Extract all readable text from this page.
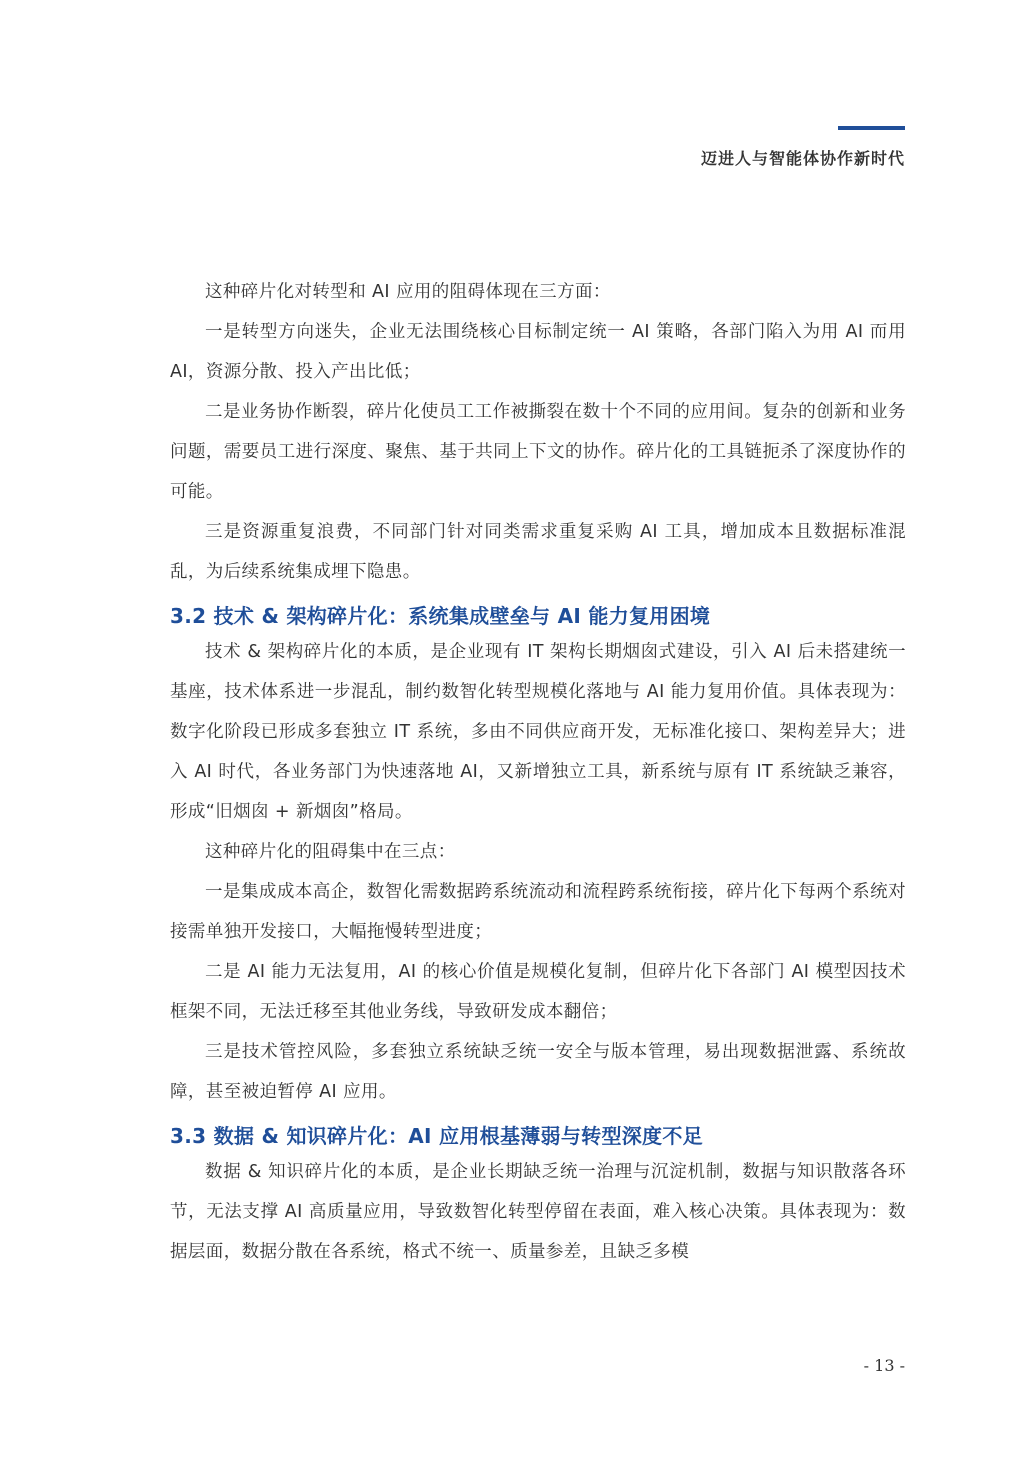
迈进人与智能体协作新时代

这种碎片化对转型和 AI 应用的阻碍体现在三方面：

一是转型方向迷失，企业无法围绕核心目标制定统一 AI 策略，各部门陷入为用 AI 而用 AI，资源分散、投入产出比低；

二是业务协作断裂，碎片化使员工工作被撕裂在数十个不同的应用间。复杂的创新和业务问题，需要员工进行深度、聚焦、基于共同上下文的协作。碎片化的工具链扼杀了深度协作的可能。

三是资源重复浪费，不同部门针对同类需求重复采购 AI 工具，增加成本且数据标准混乱，为后续系统集成埋下隐患。

3.2 技术 & 架构碎片化：系统集成壁垒与 AI 能力复用困境

技术 & 架构碎片化的本质，是企业现有 IT 架构长期烟囱式建设，引入 AI 后未搭建统一基座，技术体系进一步混乱，制约数智化转型规模化落地与 AI 能力复用价值。具体表现为：数字化阶段已形成多套独立 IT 系统，多由不同供应商开发，无标准化接口、架构差异大；进入 AI 时代，各业务部门为快速落地 AI，又新增独立工具，新系统与原有 IT 系统缺乏兼容，形成“旧烟囱 + 新烟囱”格局。

这种碎片化的阻碍集中在三点：

一是集成成本高企，数智化需数据跨系统流动和流程跨系统衔接，碎片化下每两个系统对接需单独开发接口，大幅拖慢转型进度；

二是 AI 能力无法复用，AI 的核心价值是规模化复制，但碎片化下各部门 AI 模型因技术框架不同，无法迁移至其他业务线，导致研发成本翻倍；

三是技术管控风险，多套独立系统缺乏统一安全与版本管理，易出现数据泄露、系统故障，甚至被迫暂停 AI 应用。

3.3 数据 & 知识碎片化：AI 应用根基薄弱与转型深度不足

数据 & 知识碎片化的本质，是企业长期缺乏统一治理与沉淀机制，数据与知识散落各环节，无法支撑 AI 高质量应用，导致数智化转型停留在表面，难入核心决策。具体表现为：数据层面，数据分散在各系统，格式不统一、质量参差，且缺乏多模

- 13 -
